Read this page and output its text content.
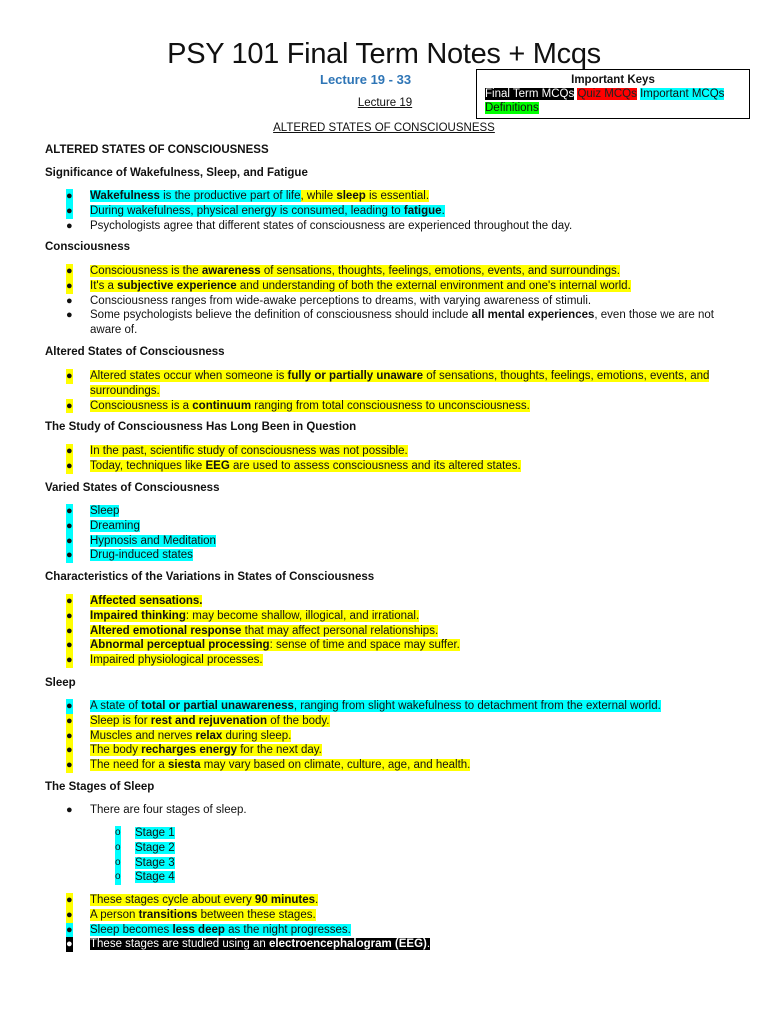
PSY 101 Final Term Notes + Mcqs
Lecture 19 - 33
Lecture 19
ALTERED STATES OF CONSCIOUSNESS
Important Keys
Final Term MCQs Quiz MCQs Important MCQs
Definitions
ALTERED STATES OF CONSCIOUSNESS
Significance of Wakefulness, Sleep, and Fatigue
● Wakefulness is the productive part of life, while sleep is essential.
● During wakefulness, physical energy is consumed, leading to fatigue.
● Psychologists agree that different states of consciousness are experienced throughout the day.
Consciousness
● Consciousness is the awareness of sensations, thoughts, feelings, emotions, events, and surroundings.
● It's a subjective experience and understanding of both the external environment and one's internal world.
● Consciousness ranges from wide-awake perceptions to dreams, with varying awareness of stimuli.
● Some psychologists believe the definition of consciousness should include all mental experiences, even those we are not aware of.
Altered States of Consciousness
● Altered states occur when someone is fully or partially unaware of sensations, thoughts, feelings, emotions, events, and surroundings.
● Consciousness is a continuum ranging from total consciousness to unconsciousness.
The Study of Consciousness Has Long Been in Question
● In the past, scientific study of consciousness was not possible.
● Today, techniques like EEG are used to assess consciousness and its altered states.
Varied States of Consciousness
● Sleep
● Dreaming
● Hypnosis and Meditation
● Drug-induced states
Characteristics of the Variations in States of Consciousness
● Affected sensations.
● Impaired thinking: may become shallow, illogical, and irrational.
● Altered emotional response that may affect personal relationships.
● Abnormal perceptual processing: sense of time and space may suffer.
● Impaired physiological processes.
Sleep
● A state of total or partial unawareness, ranging from slight wakefulness to detachment from the external world.
● Sleep is for rest and rejuvenation of the body.
● Muscles and nerves relax during sleep.
● The body recharges energy for the next day.
● The need for a siesta may vary based on climate, culture, age, and health.
The Stages of Sleep
● There are four stages of sleep.
o Stage 1
o Stage 2
o Stage 3
o Stage 4
● These stages cycle about every 90 minutes.
● A person transitions between these stages.
● Sleep becomes less deep as the night progresses.
● These stages are studied using an electroencephalogram (EEG).
